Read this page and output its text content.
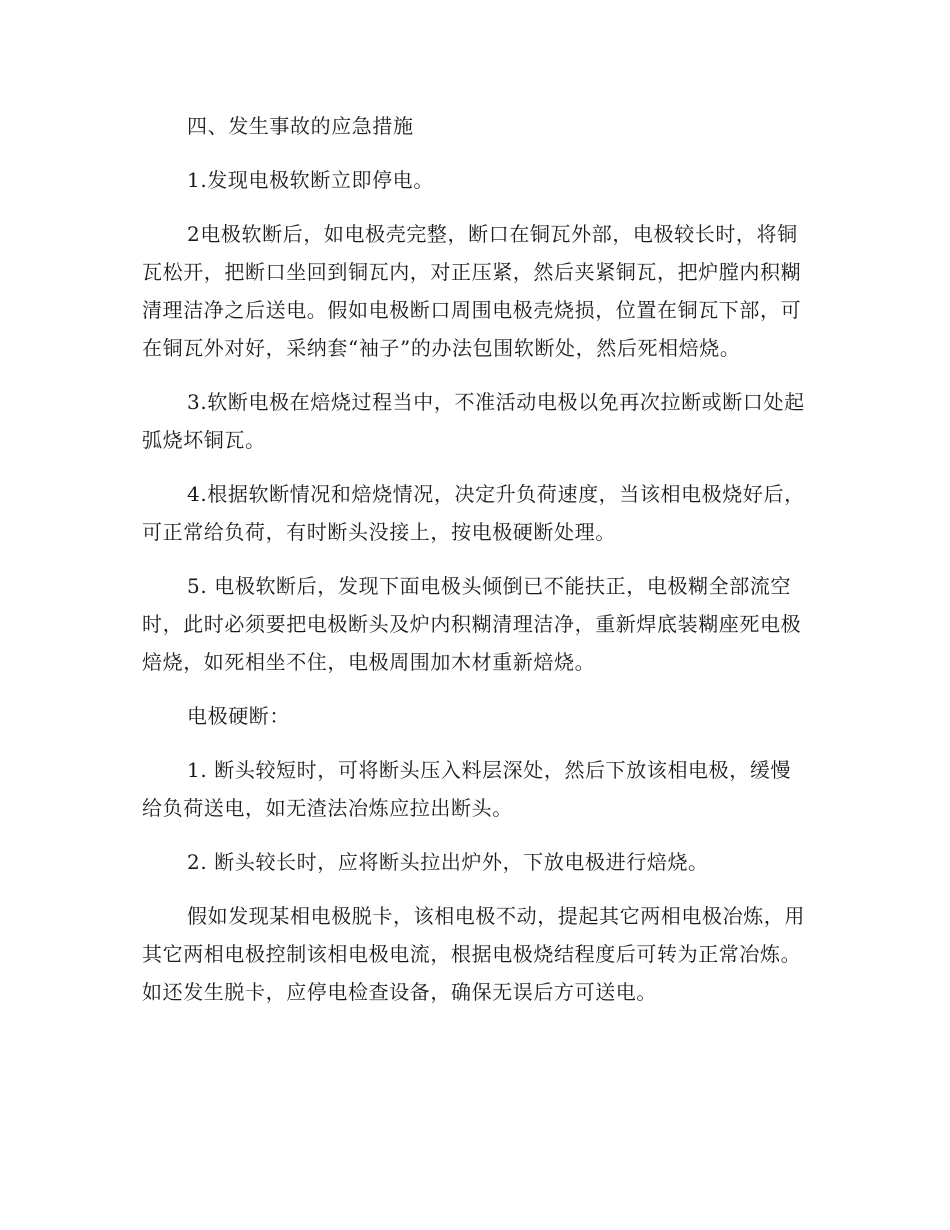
四、发生事故的应急措施

1.发现电极软断立即停电。

2电极软断后，如电极壳完整，断口在铜瓦外部，电极较长时，将铜瓦松开，把断口坐回到铜瓦内，对正压紧，然后夹紧铜瓦，把炉膛内积糊清理洁净之后送电。假如电极断口周围电极壳烧损，位置在铜瓦下部，可在铜瓦外对好，采纳套“袖子”的办法包围软断处，然后死相焙烧。

3.软断电极在焙烧过程当中，不准活动电极以免再次拉断或断口处起弧烧坏铜瓦。

4.根据软断情况和焙烧情况，决定升负荷速度，当该相电极烧好后，可正常给负荷，有时断头没接上，按电极硬断处理。

5. 电极软断后，发现下面电极头倾倒已不能扶正，电极糊全部流空时，此时必须要把电极断头及炉内积糊清理洁净，重新焊底装糊座死电极焙烧，如死相坐不住，电极周围加木材重新焙烧。

电极硬断：

1. 断头较短时，可将断头压入料层深处，然后下放该相电极，缓慢给负荷送电，如无渣法冶炼应拉出断头。

2. 断头较长时，应将断头拉出炉外，下放电极进行焙烧。

假如发现某相电极脱卡，该相电极不动，提起其它两相电极冶炼，用其它两相电极控制该相电极电流，根据电极烧结程度后可转为正常冶炼。如还发生脱卡，应停电检查设备，确保无误后方可送电。
